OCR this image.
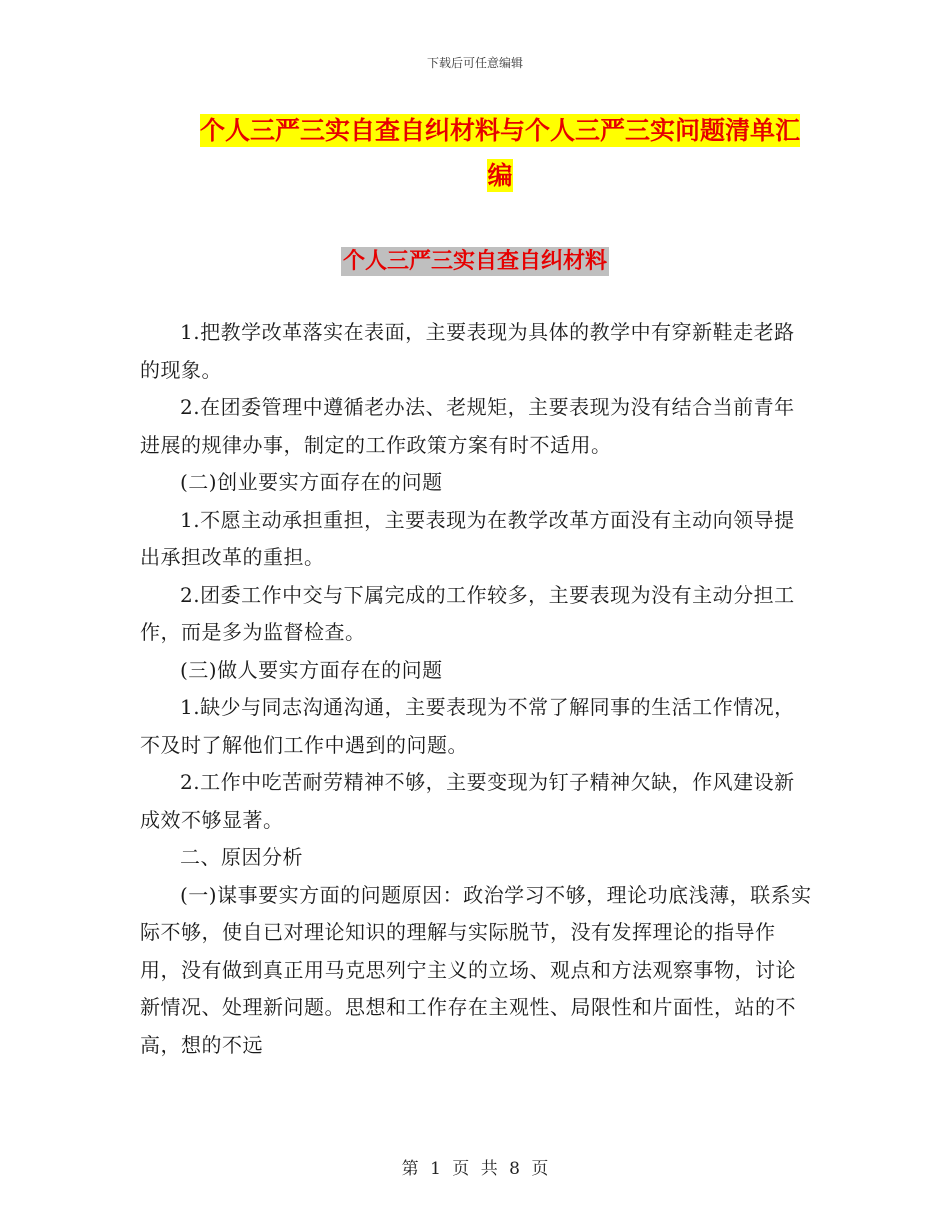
下载后可任意编辑
个人三严三实自查自纠材料与个人三严三实问题清单汇编
个人三严三实自查自纠材料

1.把教学改革落实在表面，主要表现为具体的教学中有穿新鞋走老路的现象。

2.在团委管理中遵循老办法、老规矩，主要表现为没有结合当前青年进展的规律办事，制定的工作政策方案有时不适用。

(二)创业要实方面存在的问题

1.不愿主动承担重担，主要表现为在教学改革方面没有主动向领导提出承担改革的重担。

2.团委工作中交与下属完成的工作较多，主要表现为没有主动分担工作，而是多为监督检查。

(三)做人要实方面存在的问题

1.缺少与同志沟通沟通，主要表现为不常了解同事的生活工作情况，不及时了解他们工作中遇到的问题。

2.工作中吃苦耐劳精神不够，主要变现为钉子精神欠缺，作风建设新成效不够显著。

二、原因分析

(一)谋事要实方面的问题原因：政治学习不够，理论功底浅薄，联系实际不够，使自已对理论知识的理解与实际脱节，没有发挥理论的指导作用，没有做到真正用马克思列宁主义的立场、观点和方法观察事物，讨论新情况、处理新问题。思想和工作存在主观性、局限性和片面性，站的不高，想的不远

第 1 页 共 8 页
